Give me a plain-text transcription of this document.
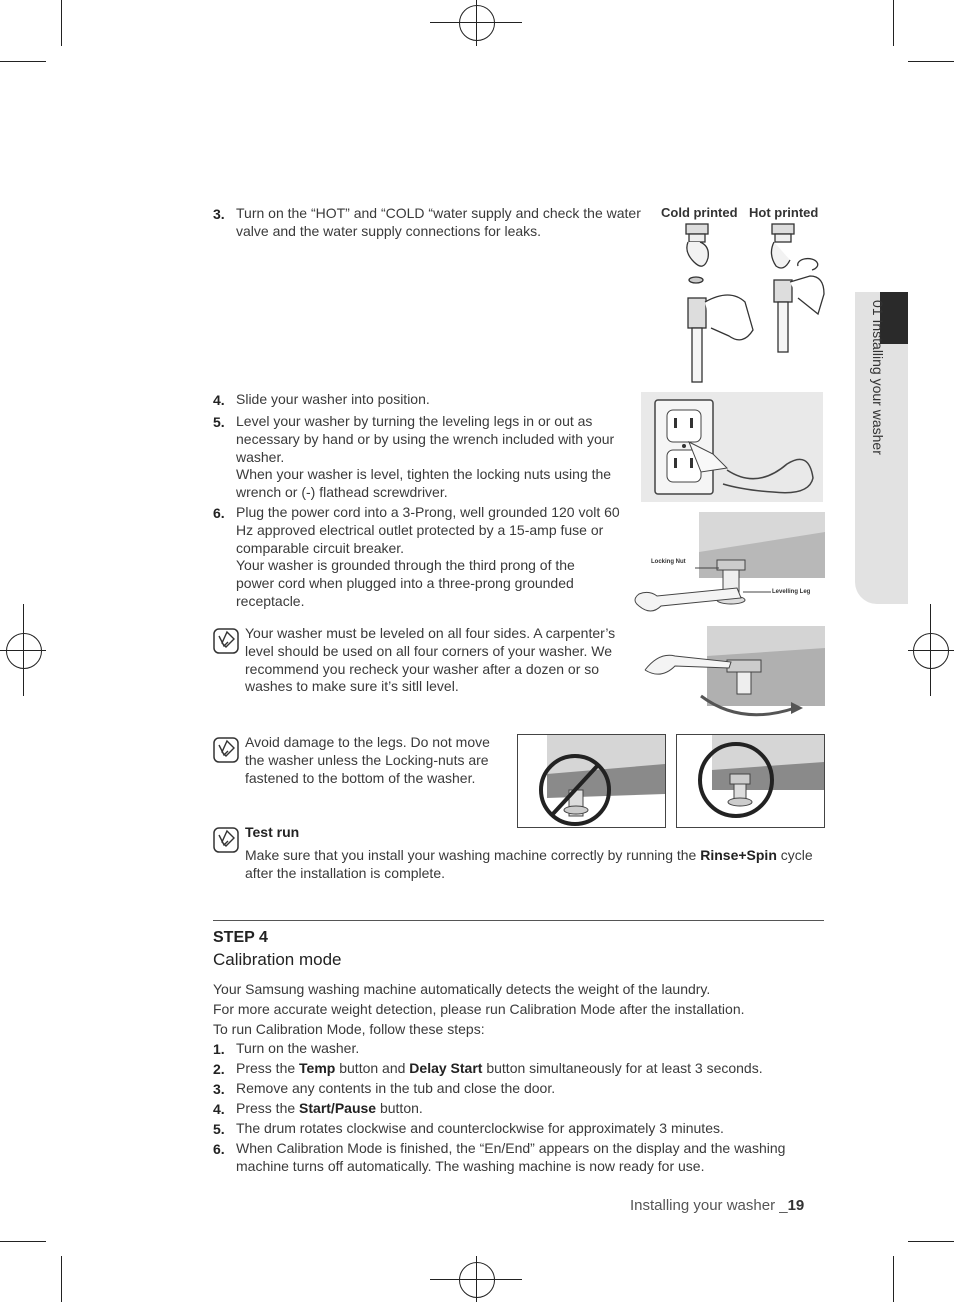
01 Installing your washer
3. Turn on the “HOT” and “COLD “water supply and check the water valve and the water supply connections for leaks.
Cold printed Hot printed
4. Slide your washer into position.
5. Level your washer by turning the leveling legs in or out as necessary by hand or by using the wrench included with your washer.
When your washer is level, tighten the locking nuts using the wrench or (-) flathead screwdriver.
6. Plug the power cord into a 3-Prong, well grounded 120 volt 60 Hz approved electrical outlet protected by a 15-amp fuse or comparable circuit breaker.
Your washer is grounded through the third prong of the power cord when plugged into a three-prong grounded receptacle.
Locking Nut
Levelling Leg
Your washer must be leveled on all four sides. A carpenter’s level should be used on all four corners of your washer. We recommend you recheck your washer after a dozen or so washes to make sure it’s sitll level.
Avoid damage to the legs. Do not move the washer unless the Locking-nuts are fastened to the bottom of the washer.
Test run
Make sure that you install your washing machine correctly by running the Rinse+Spin cycle after the installation is complete.
STEP 4
Calibration mode
Your Samsung washing machine automatically detects the weight of the laundry.
For more accurate weight detection, please run Calibration Mode after the installation.
To run Calibration Mode, follow these steps:
1. Turn on the washer.
2. Press the Temp button and Delay Start button simultaneously for at least 3 seconds.
3. Remove any contents in the tub and close the door.
4. Press the Start/Pause button.
5. The drum rotates clockwise and counterclockwise for approximately 3 minutes.
6. When Calibration Mode is finished, the “En/End” appears on the display and the washing machine turns off automatically. The washing machine is now ready for use.
Installing your washer _19
